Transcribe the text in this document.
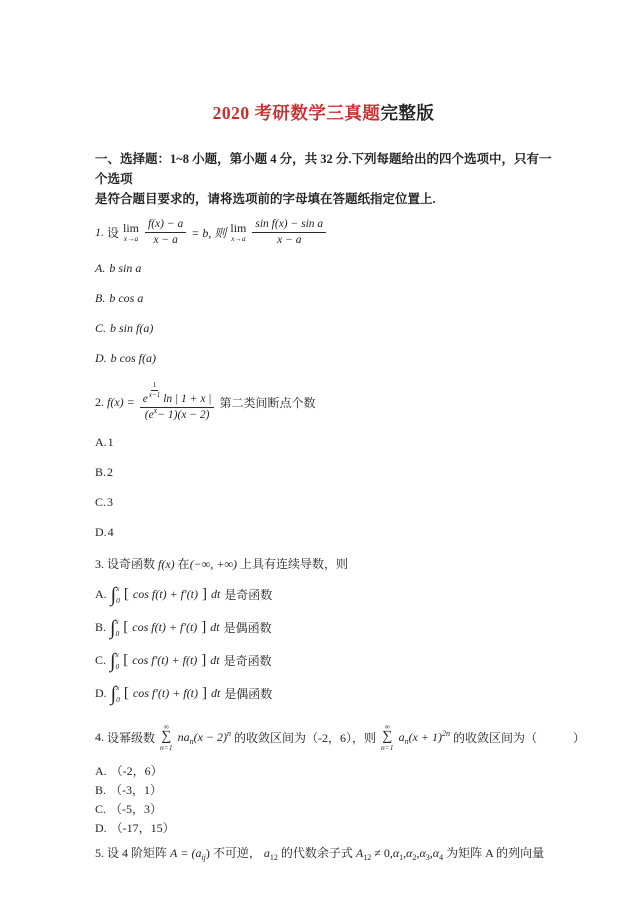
2020 考研数学三真题完整版

一、选择题：1~8 小题，第小题 4 分，共 32 分.下列每题给出的四个选项中，只有一个选项
是符合题目要求的，请将选项前的字母填在答题纸指定位置上.

1. 设 lim
$x\to a \frac{f(x) - a}{x - a} = b$, 则 lim
$x\to a \frac{\text{sin f(x) − sin a}}{x - a}$
A. b sin a
B. b cos a
C. b sin f(a)
D. b cos f(a)
2. f(x) = e $\frac{1}{x-1}$ ln | 1 + x |
$(e^x- 1)(x - 2)$
第二类间断点个数
A. 1
B. 2
C. 3
D. 4

3. 设奇函数 f(x) 在(−∞, +∞) 上具有连续导数，则

A. ∫ x
0 [ cos f(t) + f′(t) ] dt 是奇函数
B. ∫ x
0 [ cos f(t) + f′(t) ] dt 是偶函数
C. ∫ x
0 [ cos f′(t) + f(t) ] dt 是奇函数
D. ∫ x
0 [ cos f′(t) + f(t) ] dt 是偶函数
4. 设幂级数
∞
∑
n=1
$na_n(x - 2)^n$ 的收敛区间为（-2，6），则
∞
∑
n=1
$a_n(x + 1)^{2n}$ 的收敛区间为（　　　）
A. （-2，6）
B. （-3，1）
C. （-5，3）
D. （-17，15）

5. 设 4 阶矩阵 $A = (a_{ij})$ 不可逆， $a_{12}$ 的代数余子式 $A_{12} \ne 0,\alpha_1,\alpha_2,\alpha_3,\alpha_4$ 为矩阵 A 的列向量
